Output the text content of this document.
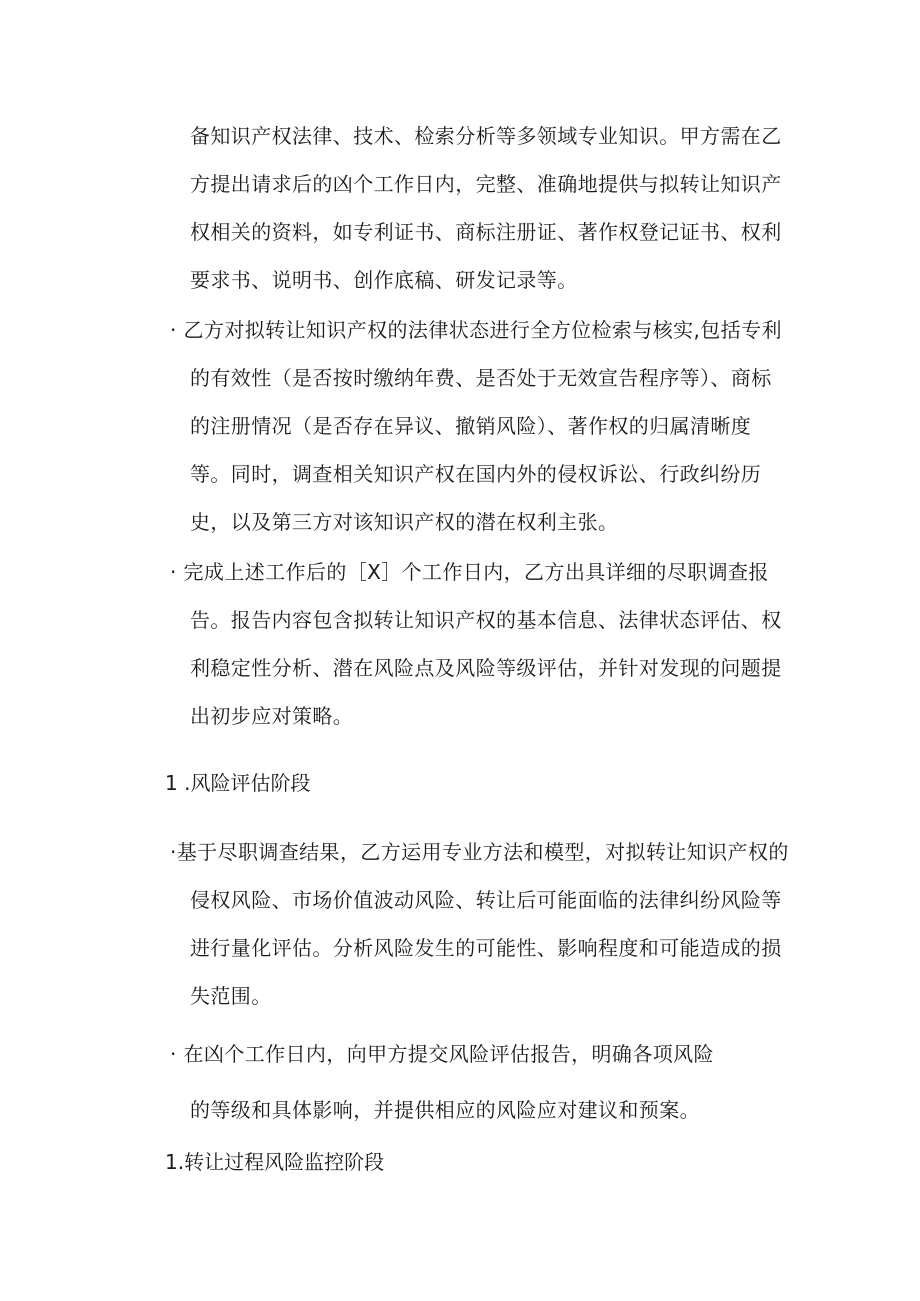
备知识产权法律、技术、检索分析等多领域专业知识。甲方需在乙
方提出请求后的凶个工作日内，完整、准确地提供与拟转让知识产
权相关的资料，如专利证书、商标注册证、著作权登记证书、权利
要求书、说明书、创作底稿、研发记录等。
· 乙方对拟转让知识产权的法律状态进行全方位检索与核实,包括专利
的有效性（是否按时缴纳年费、是否处于无效宣告程序等）、商标
的注册情况（是否存在异议、撤销风险）、著作权的归属清晰度
等。同时，调查相关知识产权在国内外的侵权诉讼、行政纠纷历
史，以及第三方对该知识产权的潜在权利主张。
· 完成上述工作后的［X］个工作日内，乙方出具详细的尽职调查报
告。报告内容包含拟转让知识产权的基本信息、法律状态评估、权
利稳定性分析、潜在风险点及风险等级评估，并针对发现的问题提
出初步应对策略。
1 .风险评估阶段
·基于尽职调查结果，乙方运用专业方法和模型，对拟转让知识产权的
侵权风险、市场价值波动风险、转让后可能面临的法律纠纷风险等
进行量化评估。分析风险发生的可能性、影响程度和可能造成的损
失范围。
· 在凶个工作日内，向甲方提交风险评估报告，明确各项风险
的等级和具体影响，并提供相应的风险应对建议和预案。
1.转让过程风险监控阶段
